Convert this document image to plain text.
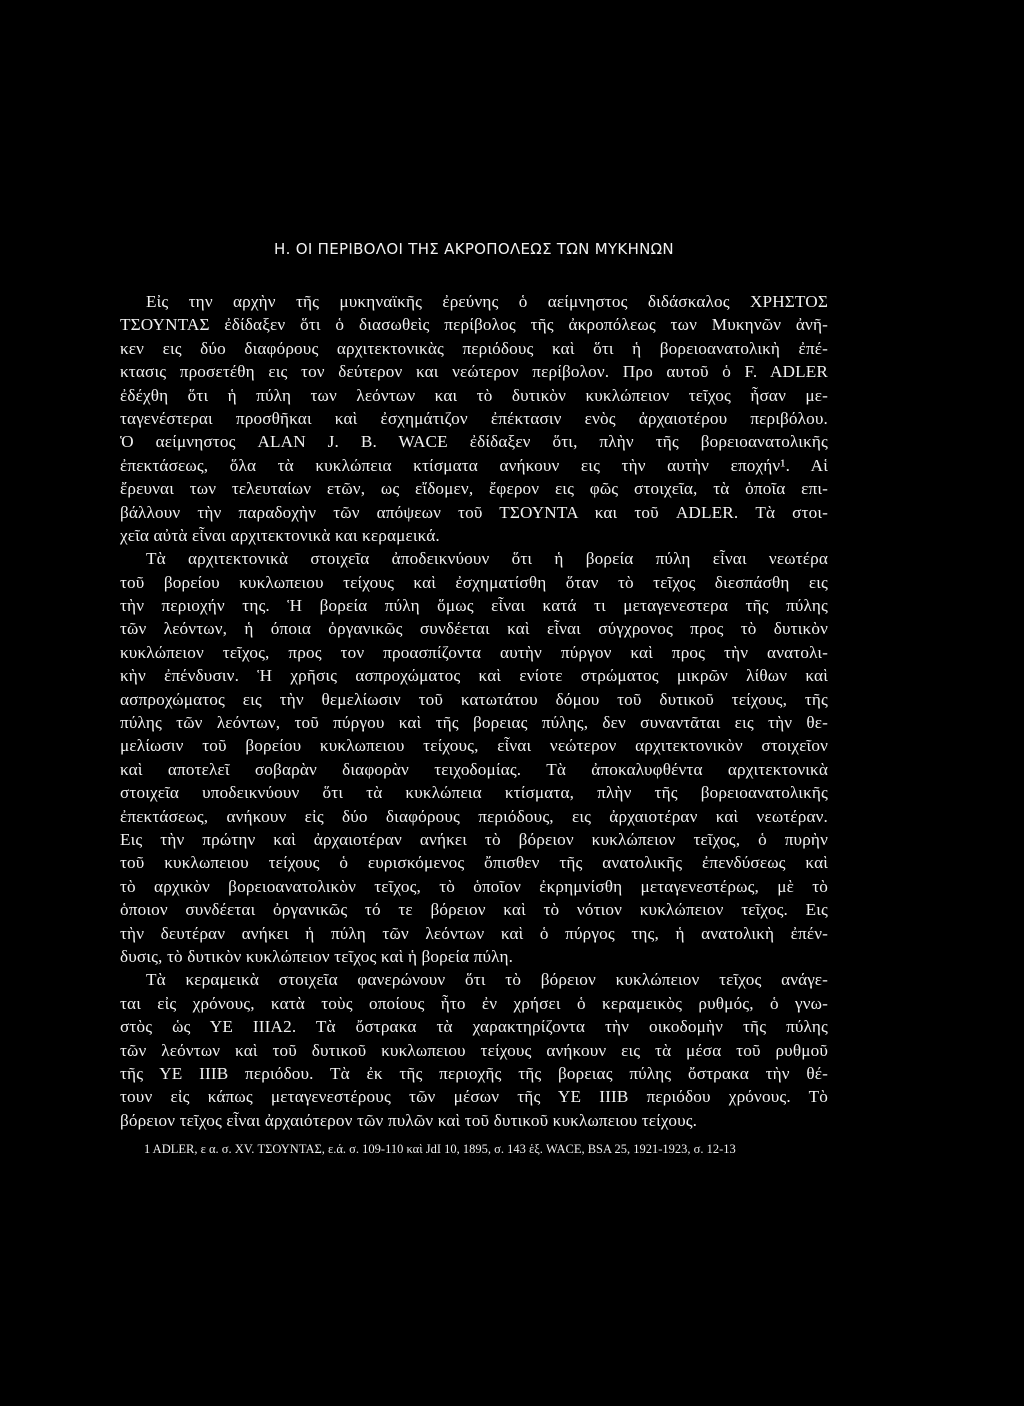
Η. ΟΙ ΠΕΡΙΒΟΛΟΙ ΤΗΣ ΑΚΡΟΠΟΛΕΩΣ ΤΩΝ ΜΥΚΗΝΩΝ
Εἰς την αρχὴν τῆς μυκηναϊκῆς ἐρεύνης ὁ αείμνηστος διδάσκαλος ΧΡΗΣΤΟΣ
ΤΣΟΥΝΤΑΣ ἐδίδαξεν ὅτι ὁ διασωθεὶς περίβολος τῆς ἀκροπόλεως των Μυκηνῶν ἀνῆ-
κεν εις δύο διαφόρους αρχιτεκτονικὰς περιόδους καὶ ὅτι ἡ βορειοανατολικὴ ἐπέ-
κτασις προσετέθη εις τον δεύτερον και νεώτερον περίβολον. Πρo αυτοῦ ὁ F. ADLER
ἐδέχθη ὅτι ἡ πύλη των λεόντων και τὸ δυτικὸν κυκλώπειον τεῖχος ἦσαν με-
ταγενέστεραι προσθῆκαι καὶ ἐσχημάτιζον ἐπέκτασιν ενὸς ἀρχαιοτέρου περιβόλου.
Ὁ αείμνηστος ALAN J. B. WACE ἐδίδαξεν ὅτι, πλὴν τῆς βορειοανατολικῆς
ἐπεκτάσεως, ὅλα τὰ κυκλώπεια κτίσματα ανήκουν εις τὴν αυτὴν εποχήν¹. Αἱ
ἔρευναι των τελευταίων ετῶν, ως εἴδομεν, ἔφερον εις φῶς στοιχεῖα, τὰ ὁποῖα επι-
βάλλουν τὴν παραδοχὴν τῶν απόψεων τοῦ ΤΣΟΥΝΤΑ και τοῦ ADLER. Τὰ στοι-
χεῖα αὐτὰ εἶναι αρχιτεκτονικὰ και κεραμεικά.
Τὰ αρχιτεκτονικὰ στοιχεῖα ἀποδεικνύουν ὅτι ἡ βορεία πύλη εἶναι νεωτέρα
τοῦ βορείου κυκλωπειου τείχους καὶ ἐσχηματίσθη ὅταν τὸ τεῖχος διεσπάσθη εις
τὴν περιοχήν της. Ἡ βορεία πύλη ὅμως εἶναι κατά τι μεταγενεστερα τῆς πύλης
τῶν λεόντων, ἡ όποια ὀργανικῶς συνδέεται καὶ εἶναι σύγχρονος προς τὸ δυτικὸν
κυκλώπειον τεῖχος, προς τον προασπίζοντα αυτὴν πύργον καὶ προς τὴν ανατολι-
κὴν ἐπένδυσιν. Ἡ χρῆσις ασπροχώματος καὶ ενίοτε στρώματος μικρῶν λίθων καὶ
ασπροχώματος εις τὴν θεμελίωσιν τοῦ κατωτάτου δόμου τοῦ δυτικοῦ τείχους, τῆς
πύλης τῶν λεόντων, τοῦ πύργου καὶ τῆς βορειας πύλης, δεν συναντᾶται εις τὴν θε-
μελίωσιν τοῦ βορείου κυκλωπειου τείχους, εἶναι νεώτερον αρχιτεκτονικὸν στοιχεῖον
καὶ αποτελεῖ σοβαρὰν διαφορὰν τειχοδομίας. Τὰ ἀποκαλυφθέντα αρχιτεκτονικὰ
στοιχεῖα υποδεικνύουν ὅτι τὰ κυκλώπεια κτίσματα, πλὴν τῆς βορειοανατολικῆς
ἐπεκτάσεως, ανήκουν εἰς δύο διαφόρους περιόδους, εις ἀρχαιοτέραν καὶ νεωτέραν.
Εις τὴν πρώτην καὶ ἀρχαιοτέραν ανήκει τὸ βόρειον κυκλώπειον τεῖχος, ὁ πυρὴν
τοῦ κυκλωπειου τείχους ὁ ευρισκόμενος ὄπισθεν τῆς ανατολικῆς ἐπενδύσεως καὶ
τὸ αρχικὸν βορειοανατολικὸν τεῖχος, τὸ ὁποῖον ἐκρημνίσθη μεταγενεστέρως, μὲ τὸ
ὁποιον συνδέεται ὀργανικῶς τό τε βόρειον καὶ τὸ νότιον κυκλώπειον τεῖχος. Εις
τὴν δευτέραν ανήκει ἡ πύλη τῶν λεόντων καὶ ὁ πύργος της, ἡ ανατολικὴ ἐπέν-
δυσις, τὸ δυτικὸν κυκλώπειον τεῖχος καὶ ἡ βορεία πύλη.
Τὰ κεραμεικὰ στοιχεῖα φανερώνουν ὅτι τὸ βόρειον κυκλώπειον τεῖχος ανάγε-
ται εἰς χρόνους, κατὰ τοὺς οποίους ἦτο ἐν χρήσει ὁ κεραμεικὸς ρυθμός, ὁ γνω-
στὸς ὡς ΥΕ ΙΙΙΑ2. Τὰ ὄστρακα τὰ χαρακτηρίζοντα τὴν οικοδομὴν τῆς πύλης
τῶν λεόντων καὶ τοῦ δυτικοῦ κυκλωπειου τείχους ανήκουν εις τὰ μέσα τοῦ ρυθμοῦ
τῆς ΥΕ ΙΙΙΒ περιόδου. Τὰ ἐκ τῆς περιοχῆς τῆς βορειας πύλης ὄστρακα τὴν θέ-
τουν εἰς κάπως μεταγενεστέρους τῶν μέσων τῆς ΥΕ ΙΙΙΒ περιόδου χρόνους. Τὸ
βόρειον τεῖχος εἶναι ἀρχαιότερον τῶν πυλῶν καὶ τοῦ δυτικοῦ κυκλωπειου τείχους.
1 ADLER, ε α. σ. XV. ΤΣΟΥΝΤΑΣ, ε.ά. σ. 109-110 καὶ JdI 10, 1895, σ. 143 ἑξ. WACE, BSA 25, 1921-1923, σ. 12-13
